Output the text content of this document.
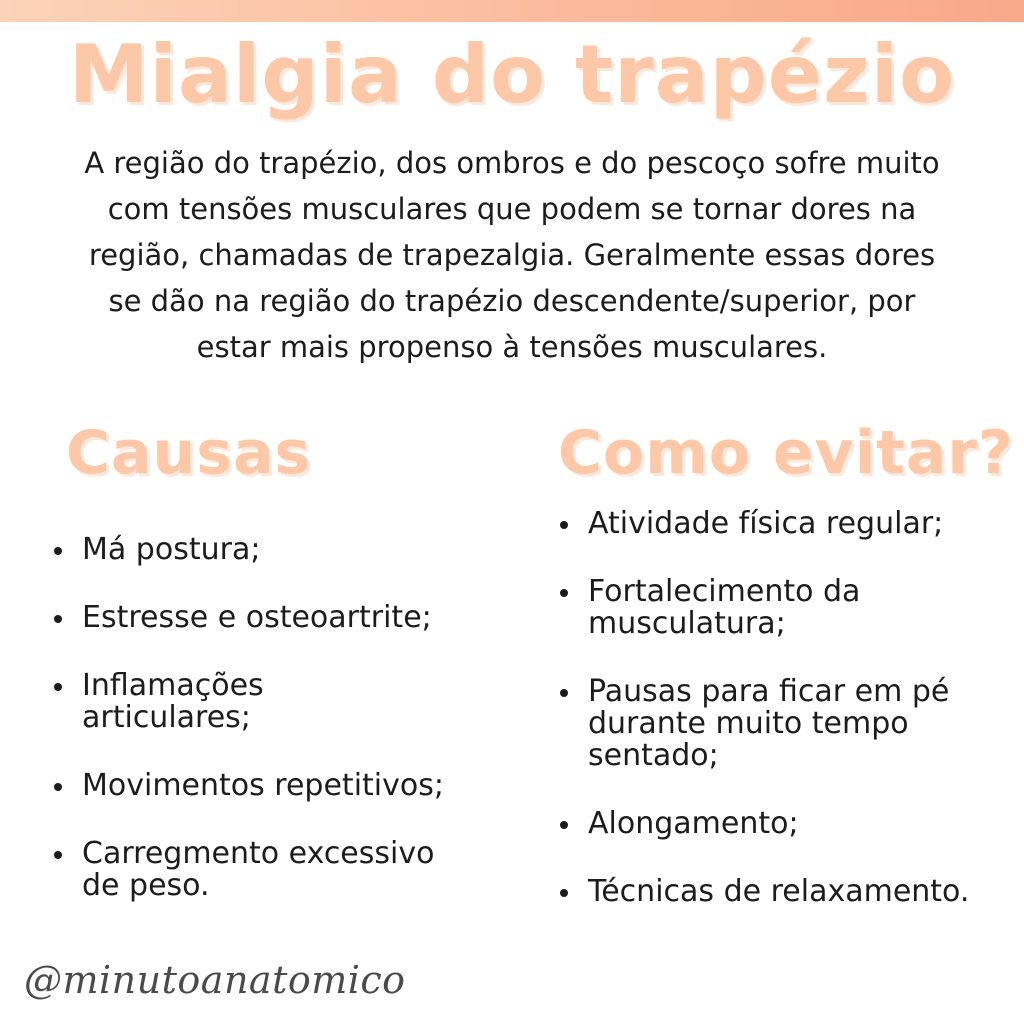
Mialgia do trapézio
A região do trapézio, dos ombros e do pescoço sofre muito
com tensões musculares que podem se tornar dores na
região, chamadas de trapezalgia. Geralmente essas dores
se dão na região do trapézio descendente/superior, por
estar mais propenso à tensões musculares.
Causas	Como evitar?
Má postura;
Estresse e osteoartrite;
Inflamações
articulares;
Movimentos repetitivos;
Carregmento excessivo
de peso.
Atividade física regular;
Fortalecimento da
musculatura;
Pausas para ficar em pé
durante muito tempo
sentado;
Alongamento;
Técnicas de relaxamento.
@minutoanatomico
